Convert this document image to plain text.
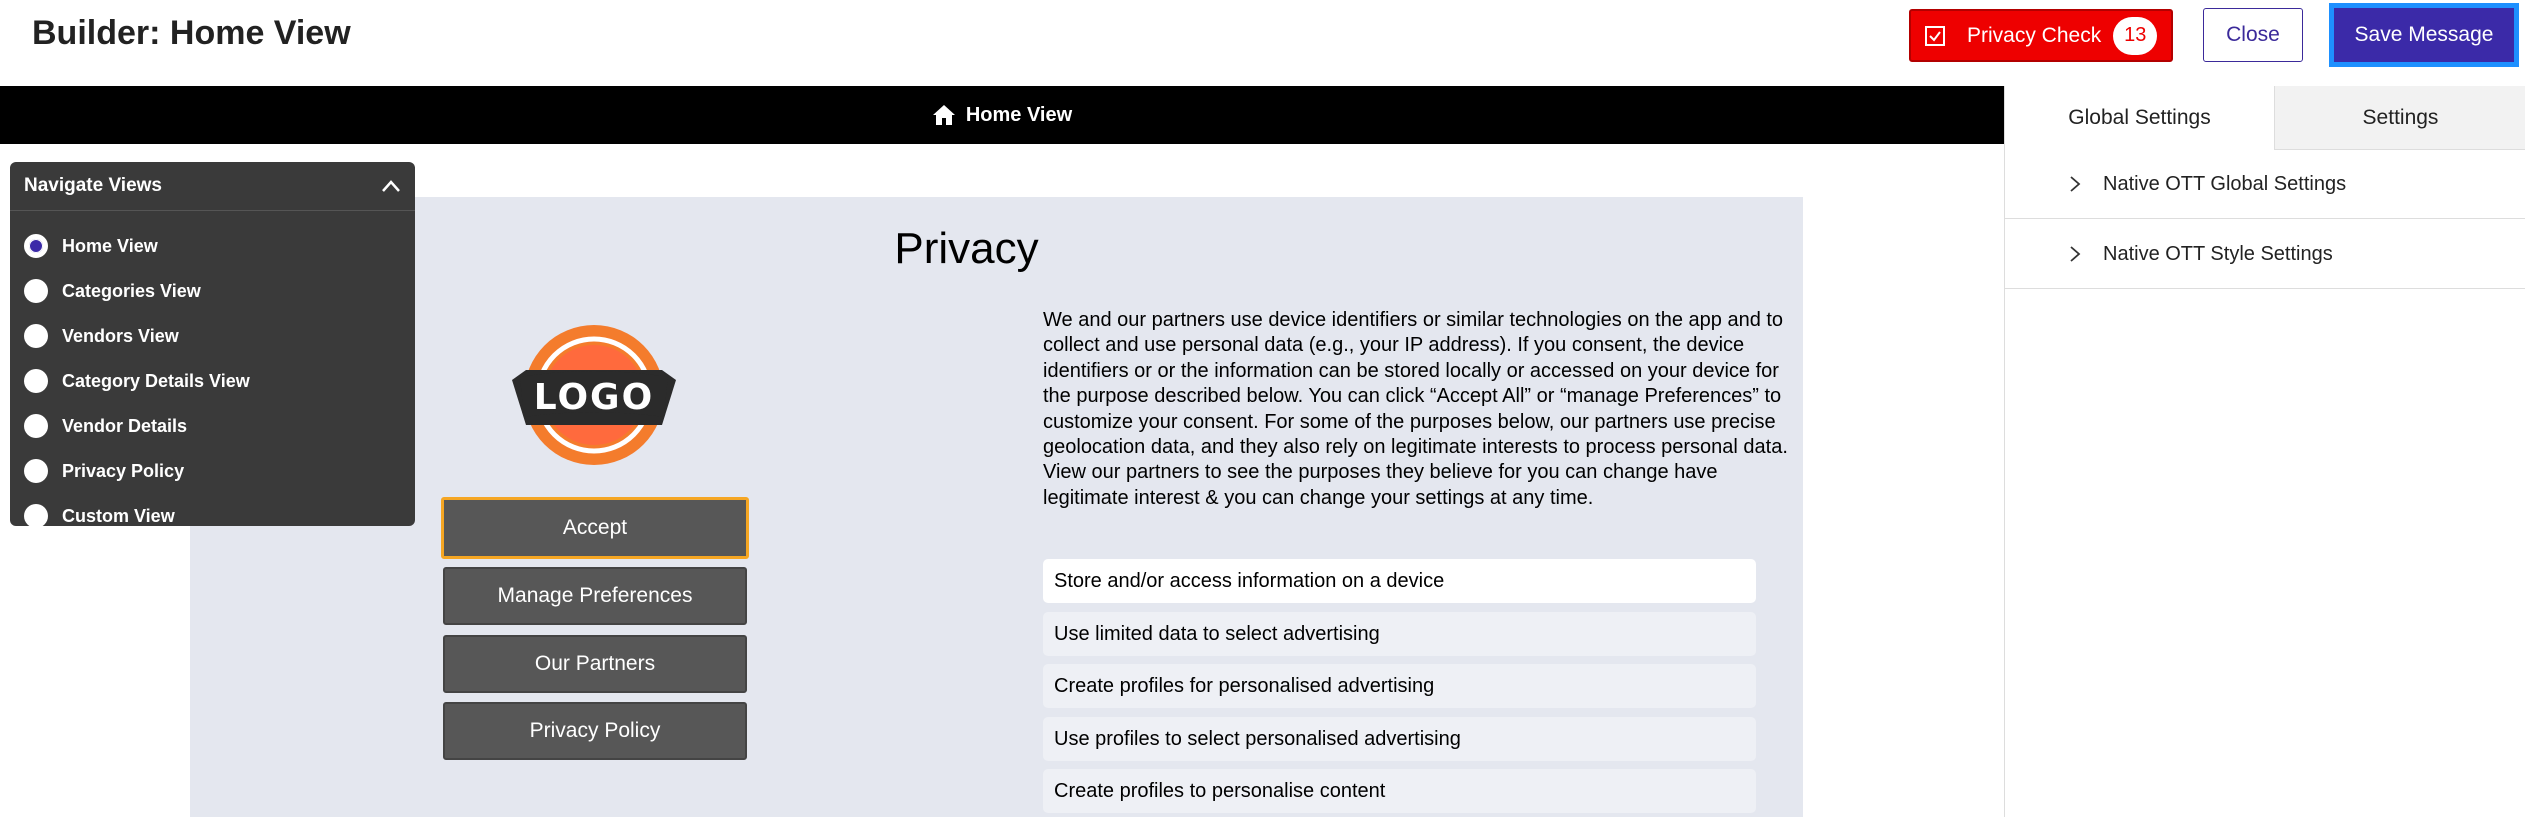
Builder: Home View	Privacy Check	13	Close	Save Message
Home View
Privacy
LOGO
Accept
Manage Preferences
Our Partners
Privacy Policy
We and our partners use device identifiers or similar technologies on the app and to collect and use personal data (e.g., your IP address). If you consent, the device identifiers or or the information can be stored locally or accessed on your device for the purpose described below. You can click “Accept All” or “manage Preferences” to customize your consent. For some of the purposes below, our partners use precise geolocation data, and they also rely on legitimate interests to process personal data. View our partners to see the purposes they believe for you can change have legitimate interest & you can change your settings at any time.
Store and/or access information on a device
Use limited data to select advertising
Create profiles for personalised advertising
Use profiles to select personalised advertising
Create profiles to personalise content
Navigate Views
Home View
Categories View
Vendors View
Category Details View
Vendor Details
Privacy Policy
Custom View
Global Settings	Settings
Native OTT Global Settings
Native OTT Style Settings
